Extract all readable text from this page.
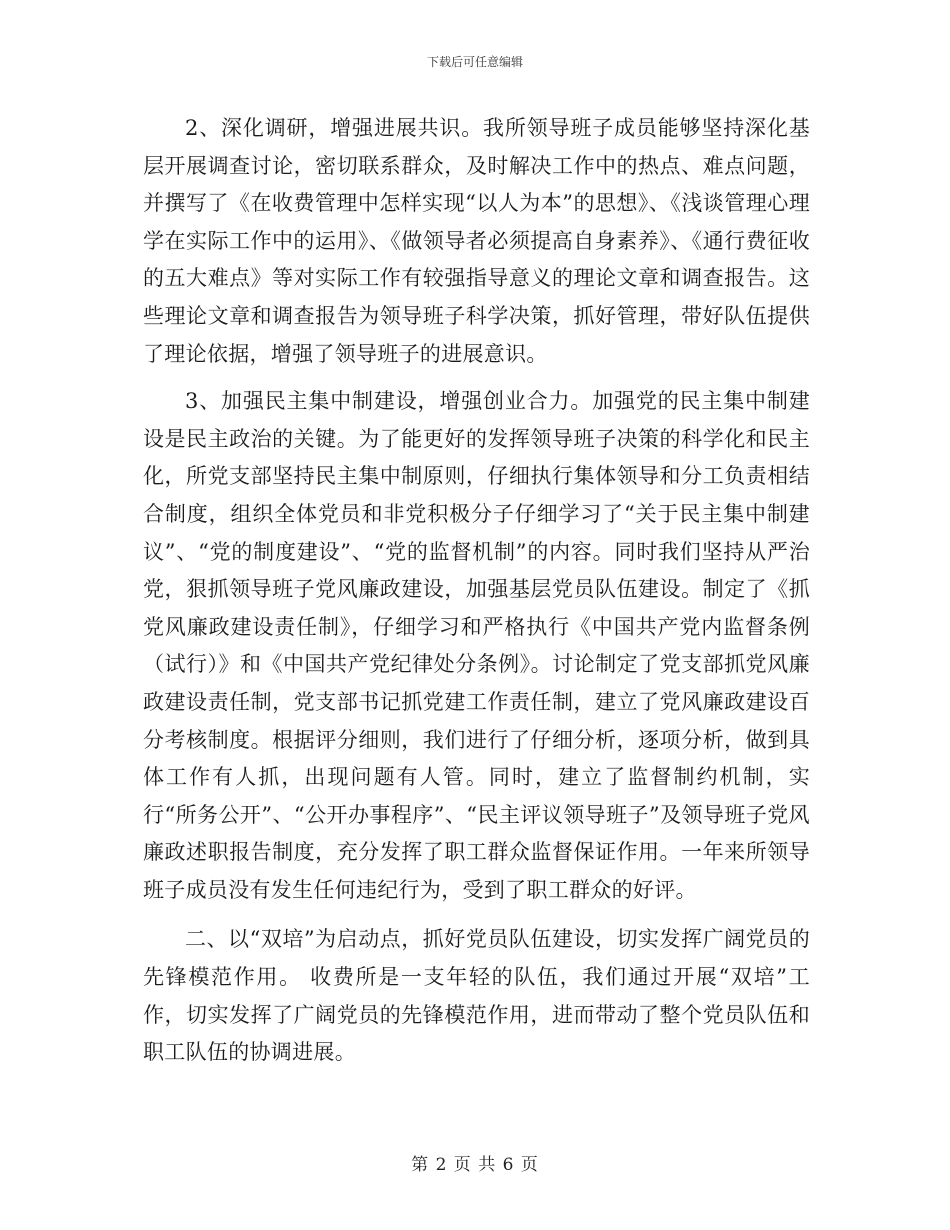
下载后可任意编辑

2、深化调研，增强进展共识。我所领导班子成员能够坚持深化基层开展调查讨论，密切联系群众，及时解决工作中的热点、难点问题，并撰写了《在收费管理中怎样实现“以人为本”的思想》、《浅谈管理心理学在实际工作中的运用》、《做领导者必须提高自身素养》、《通行费征收的五大难点》等对实际工作有较强指导意义的理论文章和调查报告。这些理论文章和调查报告为领导班子科学决策，抓好管理，带好队伍提供了理论依据，增强了领导班子的进展意识。

3、加强民主集中制建设，增强创业合力。加强党的民主集中制建设是民主政治的关键。为了能更好的发挥领导班子决策的科学化和民主化，所党支部坚持民主集中制原则，仔细执行集体领导和分工负责相结合制度，组织全体党员和非党积极分子仔细学习了“关于民主集中制建议”、“党的制度建设”、“党的监督机制”的内容。同时我们坚持从严治党，狠抓领导班子党风廉政建设，加强基层党员队伍建设。制定了《抓党风廉政建设责任制》，仔细学习和严格执行《中国共产党内监督条例（试行）》和《中国共产党纪律处分条例》。讨论制定了党支部抓党风廉政建设责任制，党支部书记抓党建工作责任制，建立了党风廉政建设百分考核制度。根据评分细则，我们进行了仔细分析，逐项分析，做到具体工作有人抓，出现问题有人管。同时，建立了监督制约机制，实行“所务公开”、“公开办事程序”、“民主评议领导班子”及领导班子党风廉政述职报告制度，充分发挥了职工群众监督保证作用。一年来所领导班子成员没有发生任何违纪行为，受到了职工群众的好评。

二、以“双培”为启动点，抓好党员队伍建设，切实发挥广阔党员的先锋模范作用。 收费所是一支年轻的队伍，我们通过开展“双培”工作，切实发挥了广阔党员的先锋模范作用，进而带动了整个党员队伍和职工队伍的协调进展。

第 2 页 共 6 页
